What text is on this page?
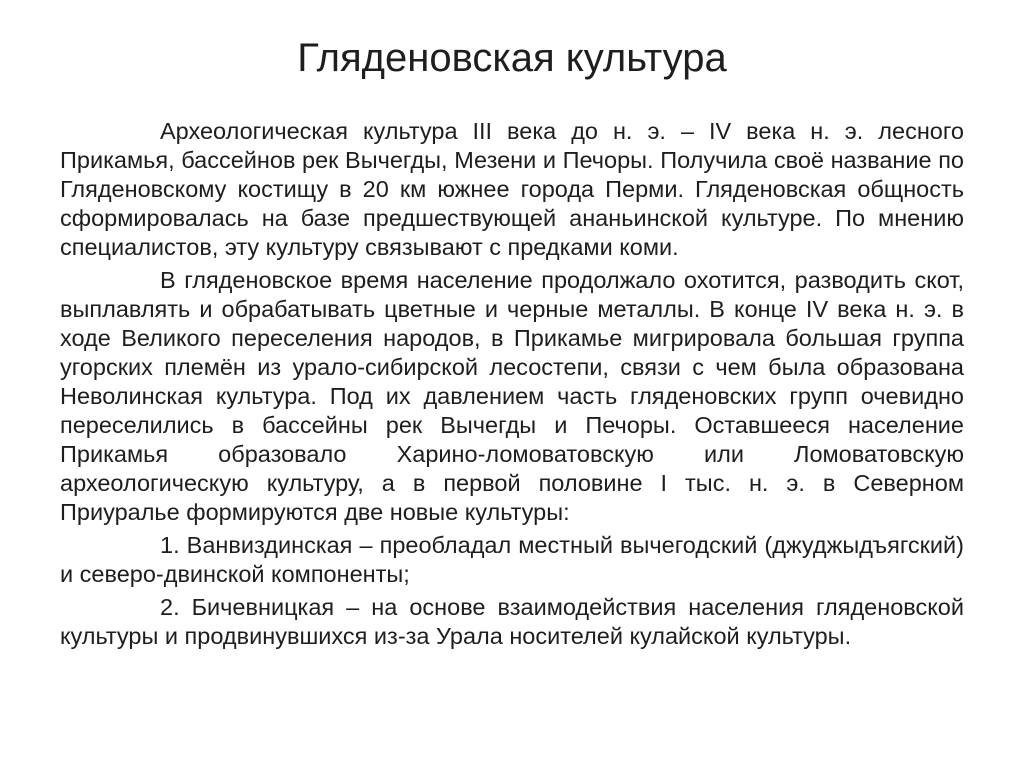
Гляденовская культура

Археологическая культура III века до н. э. – IV века н. э. лесного Прикамья, бассейнов рек Вычегды, Мезени и Печоры. Получила своё название по Гляденовскому костищу в 20 км южнее города Перми. Гляденовская общность сформировалась на базе предшествующей ананьинской культуре. По мнению специалистов, эту культуру связывают с предками коми.

В гляденовское время население продолжало охотится, разводить скот, выплавлять и обрабатывать цветные и черные металлы. В конце IV века н. э. в ходе Великого переселения народов, в Прикамье мигрировала большая группа угорских племён из урало-сибирской лесостепи, связи с чем была образована Неволинская культура. Под их давлением часть гляденовских групп очевидно переселились в бассейны рек Вычегды и Печоры. Оставшееся население Прикамья образовало Харино-ломоватовскую или Ломоватовскую археологическую культуру, а в первой половине I тыс. н. э. в Северном Приуралье формируются две новые культуры:

1. Ванвиздинская – преобладал местный вычегодский (джуджыдъягский) и северо-двинской компоненты;

2. Бичевницкая – на основе взаимодействия населения гляденовской культуры и продвинувшихся из-за Урала носителей кулайской культуры.
